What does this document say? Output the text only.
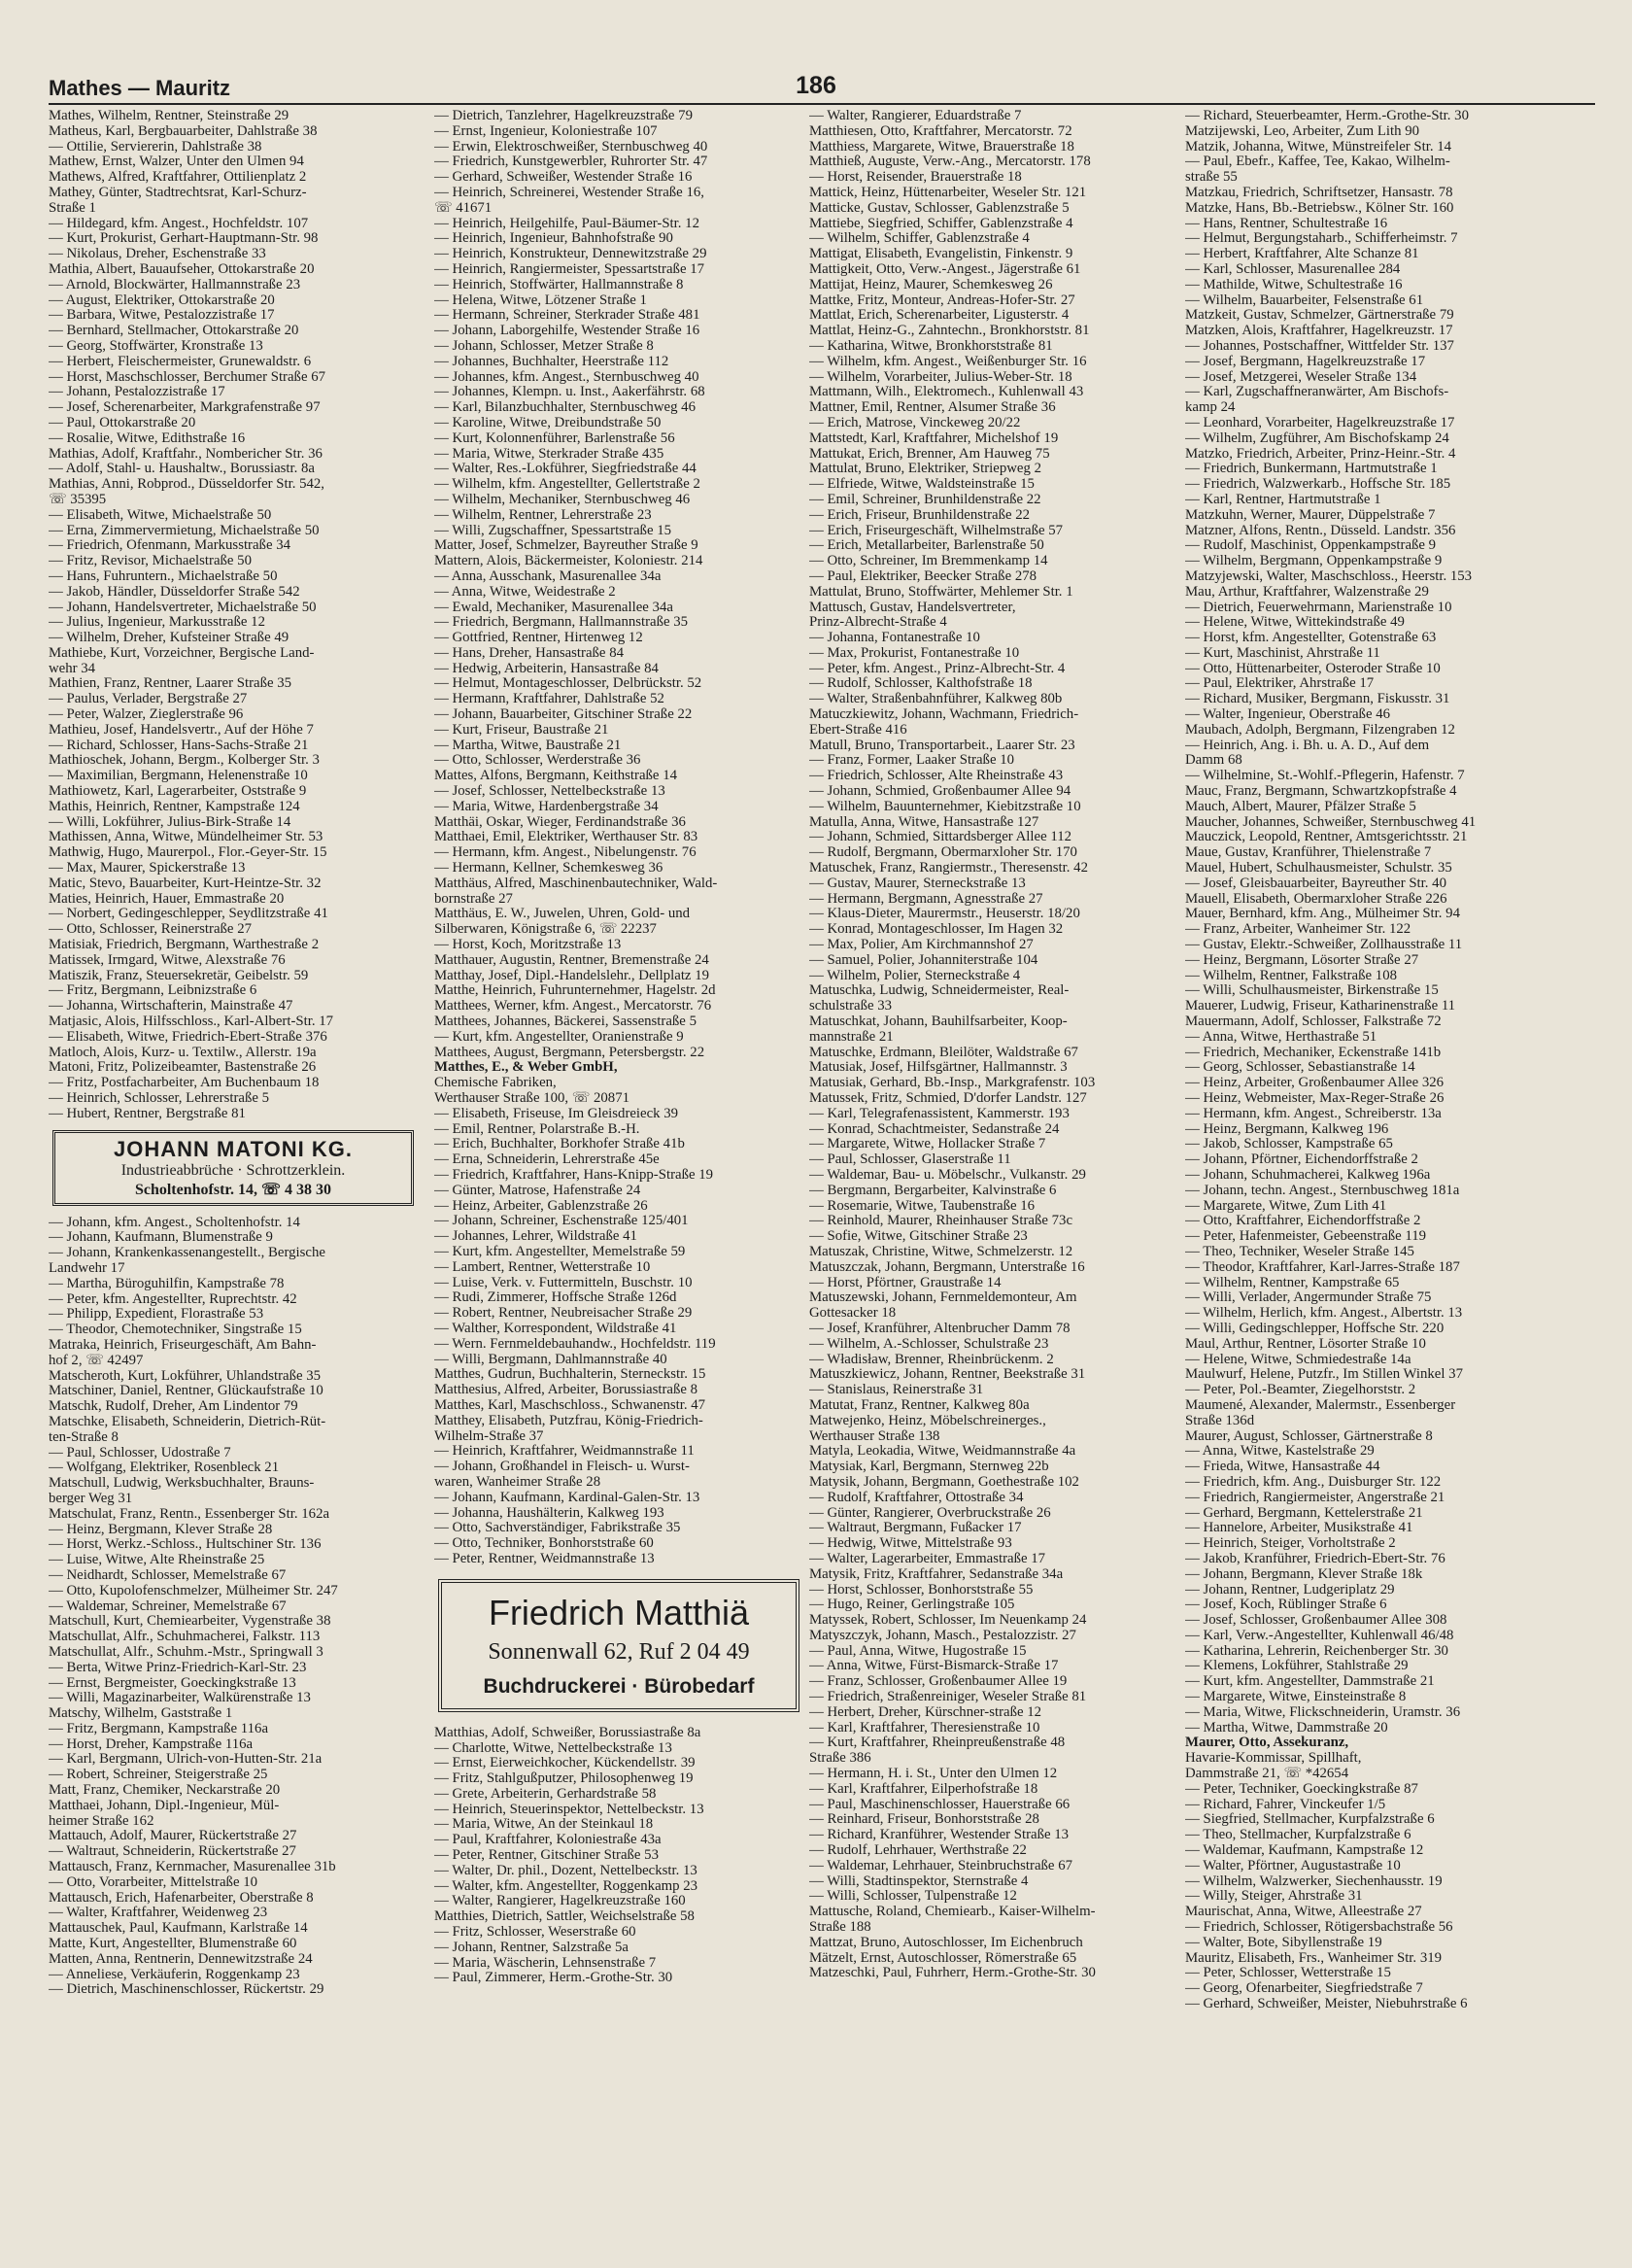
Mathes — Mauritz	186
Mathes, Wilhelm, Rentner, Steinstraße 29
Matheus, Karl, Bergbauarbeiter, Dahlstraße 38
— Ottilie, Serviererin, Dahlstraße 38
Mathew, Ernst, Walzer, Unter den Ulmen 94
Mathews, Alfred, Kraftfahrer, Ottilienplatz 2
Mathey, Günter, Stadtrechtsrat, Karl-Schurz-
Straße 1
— Hildegard, kfm. Angest., Hochfeldstr. 107
— Kurt, Prokurist, Gerhart-Hauptmann-Str. 98
— Nikolaus, Dreher, Eschenstraße 33
Mathia, Albert, Bauaufseher, Ottokarstraße 20
— Arnold, Blockwärter, Hallmannstraße 23
— August, Elektriker, Ottokarstraße 20
— Barbara, Witwe, Pestalozzistraße 17
— Bernhard, Stellmacher, Ottokarstraße 20
— Georg, Stoffwärter, Kronstraße 13
— Herbert, Fleischermeister, Grunewaldstr. 6
— Horst, Maschschlosser, Berchumer Straße 67
— Johann, Pestalozzistraße 17
— Josef, Scherenarbeiter, Markgrafenstraße 97
— Paul, Ottokarstraße 20
— Rosalie, Witwe, Edithstraße 16
Mathias, Adolf, Kraftfahr., Nombericher Str. 36
— Adolf, Stahl- u. Haushaltw., Borussiastr. 8a
Mathias, Anni, Robprod., Düsseldorfer Str. 542,
☏ 35395
— Elisabeth, Witwe, Michaelstraße 50
— Erna, Zimmervermietung, Michaelstraße 50
— Friedrich, Ofenmann, Markusstraße 34
— Fritz, Revisor, Michaelstraße 50
— Hans, Fuhruntern., Michaelstraße 50
— Jakob, Händler, Düsseldorfer Straße 542
— Johann, Handelsvertreter, Michaelstraße 50
— Julius, Ingenieur, Markusstraße 12
— Wilhelm, Dreher, Kufsteiner Straße 49
Mathiebe, Kurt, Vorzeichner, Bergische Land-
wehr 34
Mathien, Franz, Rentner, Laarer Straße 35
— Paulus, Verlader, Bergstraße 27
— Peter, Walzer, Zieglerstraße 96
Mathieu, Josef, Handelsvertr., Auf der Höhe 7
— Richard, Schlosser, Hans-Sachs-Straße 21
Mathioschek, Johann, Bergm., Kolberger Str. 3
— Maximilian, Bergmann, Helenenstraße 10
Mathiowetz, Karl, Lagerarbeiter, Oststraße 9
Mathis, Heinrich, Rentner, Kampstraße 124
— Willi, Lokführer, Julius-Birk-Straße 14
Mathissen, Anna, Witwe, Mündelheimer Str. 53
Mathwig, Hugo, Maurerpol., Flor.-Geyer-Str. 15
— Max, Maurer, Spickerstraße 13
Matic, Stevo, Bauarbeiter, Kurt-Heintze-Str. 32
Maties, Heinrich, Hauer, Emmastraße 20
— Norbert, Gedingeschlepper, Seydlitzstraße 41
— Otto, Schlosser, Reinerstraße 27
Matisiak, Friedrich, Bergmann, Warthestraße 2
Matissek, Irmgard, Witwe, Alexstraße 76
Matiszik, Franz, Steuersekretär, Geibelstr. 59
— Fritz, Bergmann, Leibnizstraße 6
— Johanna, Wirtschafterin, Mainstraße 47
Matjasic, Alois, Hilfsschloss., Karl-Albert-Str. 17
— Elisabeth, Witwe, Friedrich-Ebert-Straße 376
Matloch, Alois, Kurz- u. Textilw., Allerstr. 19a
Matoni, Fritz, Polizeibeamter, Bastenstraße 26
— Fritz, Postfacharbeiter, Am Buchenbaum 18
— Heinrich, Schlosser, Lehrerstraße 5
— Hubert, Rentner, Bergstraße 81
JOHANN MATONI KG.
Industrieabbrüche · Schrottzerklein.
Scholtenhofstr. 14, ☏ 4 38 30
— Johann, kfm. Angest., Scholtenhofstr. 14
— Johann, Kaufmann, Blumenstraße 9
— Johann, Krankenkassenangestellt., Bergische
Landwehr 17
— Martha, Büroguhilfin, Kampstraße 78
— Peter, kfm. Angestellter, Ruprechtstr. 42
— Philipp, Expedient, Florastraße 53
— Theodor, Chemotechniker, Singstraße 15
Matraka, Heinrich, Friseurgeschäft, Am Bahn-
hof 2, ☏ 42497
Matscheroth, Kurt, Lokführer, Uhlandstraße 35
Matschiner, Daniel, Rentner, Glückaufstraße 10
Matschk, Rudolf, Dreher, Am Lindentor 79
Matschke, Elisabeth, Schneiderin, Dietrich-Rüt-
ten-Straße 8
— Paul, Schlosser, Udostraße 7
— Wolfgang, Elektriker, Rosenbleck 21
Matschull, Ludwig, Werksbuchhalter, Brauns-
berger Weg 31
Matschulat, Franz, Rentn., Essenberger Str. 162a
— Heinz, Bergmann, Klever Straße 28
— Horst, Werkz.-Schloss., Hultschiner Str. 136
— Luise, Witwe, Alte Rheinstraße 25
— Neidhardt, Schlosser, Memelstraße 67
— Otto, Kupolofenschmelzer, Mülheimer Str. 247
— Waldemar, Schreiner, Memelstraße 67
Matschull, Kurt, Chemiearbeiter, Vygenstraße 38
Matschullat, Alfr., Schuhmacherei, Falkstr. 113
Matschullat, Alfr., Schuhm.-Mstr., Springwall 3
— Berta, Witwe Prinz-Friedrich-Karl-Str. 23
— Ernst, Bergmeister, Goeckingkstraße 13
— Willi, Magazinarbeiter, Walkürenstraße 13
Matschy, Wilhelm, Gaststraße 1
— Fritz, Bergmann, Kampstraße 116a
— Horst, Dreher, Kampstraße 116a
— Karl, Bergmann, Ulrich-von-Hutten-Str. 21a
— Robert, Schreiner, Steigerstraße 25
Matt, Franz, Chemiker, Neckarstraße 20
Matthaei, Johann, Dipl.-Ingenieur, Mül-
heimer Straße 162
Mattauch, Adolf, Maurer, Rückertstraße 27
— Waltraut, Schneiderin, Rückertstraße 27
Mattausch, Franz, Kernmacher, Masurenallee 31b
— Otto, Vorarbeiter, Mittelstraße 10
Mattausch, Erich, Hafenarbeiter, Oberstraße 8
— Walter, Kraftfahrer, Weidenweg 23
Mattauschek, Paul, Kaufmann, Karlstraße 14
Matte, Kurt, Angestellter, Blumenstraße 60
Matten, Anna, Rentnerin, Dennewitzstraße 24
— Anneliese, Verkäuferin, Roggenkamp 23
— Dietrich, Maschinenschlosser, Rückertstr. 29
— Dietrich, Tanzlehrer, Hagelkreuzstraße 79
— Ernst, Ingenieur, Koloniestraße 107
— Erwin, Elektroschweißer, Sternbuschweg 40
— Friedrich, Kunstgewerbler, Ruhrorter Str. 47
— Gerhard, Schweißer, Westender Straße 16
— Heinrich, Schreinerei, Westender Straße 16,
☏ 41671
— Heinrich, Heilgehilfe, Paul-Bäumer-Str. 12
— Heinrich, Ingenieur, Bahnhofstraße 90
— Heinrich, Konstrukteur, Dennewitzstraße 29
— Heinrich, Rangiermeister, Spessartstraße 17
— Heinrich, Stoffwärter, Hallmannstraße 8
— Helena, Witwe, Lötzener Straße 1
— Hermann, Schreiner, Sterkrader Straße 481
— Johann, Laborgehilfe, Westender Straße 16
— Johann, Schlosser, Metzer Straße 8
— Johannes, Buchhalter, Heerstraße 112
— Johannes, kfm. Angest., Sternbuschweg 40
— Johannes, Klempn. u. Inst., Aakerfährstr. 68
— Karl, Bilanzbuchhalter, Sternbuschweg 46
— Karoline, Witwe, Dreibundstraße 50
— Kurt, Kolonnenführer, Barlenstraße 56
— Maria, Witwe, Sterkrader Straße 435
— Walter, Res.-Lokführer, Siegfriedstraße 44
— Wilhelm, kfm. Angestellter, Gellertstraße 2
— Wilhelm, Mechaniker, Sternbuschweg 46
— Wilhelm, Rentner, Lehrerstraße 23
— Willi, Zugschaffner, Spessartstraße 15
Matter, Josef, Schmelzer, Bayreuther Straße 9
Mattern, Alois, Bäckermeister, Koloniestr. 214
— Anna, Ausschank, Masurenallee 34a
— Anna, Witwe, Weidestraße 2
— Ewald, Mechaniker, Masurenallee 34a
— Friedrich, Bergmann, Hallmannstraße 35
— Gottfried, Rentner, Hirtenweg 12
— Hans, Dreher, Hansastraße 84
— Hedwig, Arbeiterin, Hansastraße 84
— Helmut, Montageschlosser, Delbrückstr. 52
— Hermann, Kraftfahrer, Dahlstraße 52
— Johann, Bauarbeiter, Gitschiner Straße 22
— Kurt, Friseur, Baustraße 21
— Martha, Witwe, Baustraße 21
— Otto, Schlosser, Werderstraße 36
Mattes, Alfons, Bergmann, Keithstraße 14
— Josef, Schlosser, Nettelbeckstraße 13
— Maria, Witwe, Hardenbergstraße 34
Matthäi, Oskar, Wieger, Ferdinandstraße 36
Matthaei, Emil, Elektriker, Werthauser Str. 83
— Hermann, kfm. Angest., Nibelungenstr. 76
— Hermann, Kellner, Schemkesweg 36
Matthäus, Alfred, Maschinenbautechniker, Wald-
bornstraße 27
Matthäus, E. W., Juwelen, Uhren, Gold- und
Silberwaren, Königstraße 6, ☏ 22237
— Horst, Koch, Moritzstraße 13
Matthauer, Augustin, Rentner, Bremenstraße 24
Matthay, Josef, Dipl.-Handelslehr., Dellplatz 19
Matthe, Heinrich, Fuhrunternehmer, Hagelstr. 2d
Matthees, Werner, kfm. Angest., Mercatorstr. 76
Matthees, Johannes, Bäckerei, Sassenstraße 5
— Kurt, kfm. Angestellter, Oranienstraße 9
Matthees, August, Bergmann, Petersbergstr. 22
Matthes, E., & Weber GmbH,
Chemische Fabriken,
Werthauser Straße 100, ☏ 20871
— Elisabeth, Friseuse, Im Gleisdreieck 39
— Emil, Rentner, Polarstraße B.-H.
— Erich, Buchhalter, Borkhofer Straße 41b
— Erna, Schneiderin, Lehrerstraße 45e
— Friedrich, Kraftfahrer, Hans-Knipp-Straße 19
— Günter, Matrose, Hafenstraße 24
— Heinz, Arbeiter, Gablenzstraße 26
— Johann, Schreiner, Eschenstraße 125/401
— Johannes, Lehrer, Wildstraße 41
— Kurt, kfm. Angestellter, Memelstraße 59
— Lambert, Rentner, Wetterstraße 10
— Luise, Verk. v. Futtermitteln, Buschstr. 10
— Rudi, Zimmerer, Hoffsche Straße 126d
— Robert, Rentner, Neubreisacher Straße 29
— Walther, Korrespondent, Wildstraße 41
— Wern. Fernmeldebauhandw., Hochfeldstr. 119
— Willi, Bergmann, Dahlmannstraße 40
Matthes, Gudrun, Buchhalterin, Sterneckstr. 15
Matthesius, Alfred, Arbeiter, Borussiastraße 8
Matthes, Karl, Maschschloss., Schwanenstr. 47
Matthey, Elisabeth, Putzfrau, König-Friedrich-
Wilhelm-Straße 37
— Heinrich, Kraftfahrer, Weidmannstraße 11
— Johann, Großhandel in Fleisch- u. Wurst-
waren, Wanheimer Straße 28
— Johann, Kaufmann, Kardinal-Galen-Str. 13
— Johanna, Haushälterin, Kalkweg 193
— Otto, Sachverständiger, Fabrikstraße 35
— Otto, Techniker, Bonhorststraße 60
— Peter, Rentner, Weidmannstraße 13
Friedrich Matthiä
Sonnenwall 62, Ruf 2 04 49
Buchdruckerei · Bürobedarf
Matthias, Adolf, Schweißer, Borussiastraße 8a
— Charlotte, Witwe, Nettelbeckstraße 13
— Ernst, Eierweichkocher, Kückendellstr. 39
— Fritz, Stahlgußputzer, Philosophenweg 19
— Grete, Arbeiterin, Gerhardstraße 58
— Heinrich, Steuerinspektor, Nettelbeckstr. 13
— Maria, Witwe, An der Steinkaul 18
— Paul, Kraftfahrer, Koloniestraße 43a
— Peter, Rentner, Gitschiner Straße 53
— Walter, Dr. phil., Dozent, Nettelbeckstr. 13
— Walter, kfm. Angestellter, Roggenkamp 23
— Walter, Rangierer, Hagelkreuzstraße 160
Matthies, Dietrich, Sattler, Weichselstraße 58
— Fritz, Schlosser, Weserstraße 60
— Johann, Rentner, Salzstraße 5a
— Maria, Wäscherin, Lehnsenstraße 7
— Paul, Zimmerer, Herm.-Grothe-Str. 30
— Walter, Rangierer, Eduardstraße 7
Matthiesen, Otto, Kraftfahrer, Mercatorstr. 72
Matthiess, Margarete, Witwe, Brauerstraße 18
Matthieß, Auguste, Verw.-Ang., Mercatorstr. 178
— Horst, Reisender, Brauerstraße 18
Mattick, Heinz, Hüttenarbeiter, Weseler Str. 121
Matticke, Gustav, Schlosser, Gablenzstraße 5
Mattiebe, Siegfried, Schiffer, Gablenzstraße 4
— Wilhelm, Schiffer, Gablenzstraße 4
Mattigat, Elisabeth, Evangelistin, Finkenstr. 9
Mattigkeit, Otto, Verw.-Angest., Jägerstraße 61
Mattijat, Heinz, Maurer, Schemkesweg 26
Mattke, Fritz, Monteur, Andreas-Hofer-Str. 27
Mattlat, Erich, Scherenarbeiter, Ligusterstr. 4
Mattlat, Heinz-G., Zahntechn., Bronkhorststr. 81
— Katharina, Witwe, Bronkhorststraße 81
— Wilhelm, kfm. Angest., Weißenburger Str. 16
— Wilhelm, Vorarbeiter, Julius-Weber-Str. 18
Mattmann, Wilh., Elektromech., Kuhlenwall 43
Mattner, Emil, Rentner, Alsumer Straße 36
— Erich, Matrose, Vinckeweg 20/22
Mattstedt, Karl, Kraftfahrer, Michelshof 19
Mattukat, Erich, Brenner, Am Hauweg 75
Mattulat, Bruno, Elektriker, Striepweg 2
— Elfriede, Witwe, Waldsteinstraße 15
— Emil, Schreiner, Brunhildenstraße 22
— Erich, Friseur, Brunhildenstraße 22
— Erich, Friseurgeschäft, Wilhelmstraße 57
— Erich, Metallarbeiter, Barlenstraße 50
— Otto, Schreiner, Im Bremmenkamp 14
— Paul, Elektriker, Beecker Straße 278
Mattulat, Bruno, Stoffwärter, Mehlemer Str. 1
Mattusch, Gustav, Handelsvertreter,
Prinz-Albrecht-Straße 4
— Johanna, Fontanestraße 10
— Max, Prokurist, Fontanestraße 10
— Peter, kfm. Angest., Prinz-Albrecht-Str. 4
— Rudolf, Schlosser, Kalthofstraße 18
— Walter, Straßenbahnführer, Kalkweg 80b
Matuczkiewitz, Johann, Wachmann, Friedrich-
Ebert-Straße 416
Matull, Bruno, Transportarbeit., Laarer Str. 23
— Franz, Former, Laaker Straße 10
— Friedrich, Schlosser, Alte Rheinstraße 43
— Johann, Schmied, Großenbaumer Allee 94
— Wilhelm, Bauunternehmer, Kiebitzstraße 10
Matulla, Anna, Witwe, Hansastraße 127
— Johann, Schmied, Sittardsberger Allee 112
— Rudolf, Bergmann, Obermarxloher Str. 170
Matuschek, Franz, Rangiermstr., Theresenstr. 42
— Gustav, Maurer, Sterneckstraße 13
— Hermann, Bergmann, Agnesstraße 27
— Klaus-Dieter, Maurermstr., Heuserstr. 18/20
— Konrad, Montageschlosser, Im Hagen 32
— Max, Polier, Am Kirchmannshof 27
— Samuel, Polier, Johanniterstraße 104
— Wilhelm, Polier, Sterneckstraße 4
Matuschka, Ludwig, Schneidermeister, Real-
schulstraße 33
Matuschkat, Johann, Bauhilfsarbeiter, Koop-
mannstraße 21
Matuschke, Erdmann, Bleilöter, Waldstraße 67
Matusiak, Josef, Hilfsgärtner, Hallmannstr. 3
Matusiak, Gerhard, Bb.-Insp., Markgrafenstr. 103
Matussek, Fritz, Schmied, D'dorfer Landstr. 127
— Karl, Telegrafenassistent, Kammerstr. 193
— Konrad, Schachtmeister, Sedanstraße 24
— Margarete, Witwe, Hollacker Straße 7
— Paul, Schlosser, Glaserstraße 11
— Waldemar, Bau- u. Möbelschr., Vulkanstr. 29
— Bergmann, Bergarbeiter, Kalvinstraße 6
— Rosemarie, Witwe, Taubenstraße 16
— Reinhold, Maurer, Rheinhauser Straße 73c
— Sofie, Witwe, Gitschiner Straße 23
Matuszak, Christine, Witwe, Schmelzerstr. 12
Matuszczak, Johann, Bergmann, Unterstraße 16
— Horst, Pförtner, Graustraße 14
Matuszewski, Johann, Fernmeldemonteur, Am
Gottesacker 18
— Josef, Kranführer, Altenbrucher Damm 78
— Wilhelm, A.-Schlosser, Schulstraße 23
— Władisław, Brenner, Rheinbrückenm. 2
Matuszkiewicz, Johann, Rentner, Beekstraße 31
— Stanislaus, Reinerstraße 31
Matutat, Franz, Rentner, Kalkweg 80a
Matwejenko, Heinz, Möbelschreinerges.,
Werthauser Straße 138
Matyla, Leokadia, Witwe, Weidmannstraße 4a
Matysiak, Karl, Bergmann, Sternweg 22b
Matysik, Johann, Bergmann, Goethestraße 102
— Rudolf, Kraftfahrer, Ottostraße 34
— Günter, Rangierer, Overbruckstraße 26
— Waltraut, Bergmann, Fußacker 17
— Hedwig, Witwe, Mittelstraße 93
— Walter, Lagerarbeiter, Emmastraße 17
Matysik, Fritz, Kraftfahrer, Sedanstraße 34a
— Horst, Schlosser, Bonhorststraße 55
— Hugo, Reiner, Gerlingstraße 105
Matyssek, Robert, Schlosser, Im Neuenkamp 24
Matyszczyk, Johann, Masch., Pestalozzistr. 27
— Paul, Anna, Witwe, Hugostraße 15
— Anna, Witwe, Fürst-Bismarck-Straße 17
— Franz, Schlosser, Großenbaumer Allee 19
— Friedrich, Straßenreiniger, Weseler Straße 81
— Herbert, Dreher, Kürschner-straße 12
— Karl, Kraftfahrer, Theresienstraße 10
— Kurt, Kraftfahrer, Rheinpreußenstraße 48
Straße 386
— Hermann, H. i. St., Unter den Ulmen 12
— Karl, Kraftfahrer, Eilperhofstraße 18
— Paul, Maschinenschlosser, Hauerstraße 66
— Reinhard, Friseur, Bonhorststraße 28
— Richard, Kranführer, Westender Straße 13
— Rudolf, Lehrhauer, Werthstraße 22
— Waldemar, Lehrhauer, Steinbruchstraße 67
— Willi, Stadtinspektor, Sternstraße 4
— Willi, Schlosser, Tulpenstraße 12
Mattusche, Roland, Chemiearb., Kaiser-Wilhelm-
Straße 188
Mattzat, Bruno, Autoschlosser, Im Eichenbruch
Mätzelt, Ernst, Autoschlosser, Römerstraße 65
Matzeschki, Paul, Fuhrherr, Herm.-Grothe-Str. 30
— Richard, Steuerbeamter, Herm.-Grothe-Str. 30
Matzijewski, Leo, Arbeiter, Zum Lith 90
Matzik, Johanna, Witwe, Münstreifeler Str. 14
— Paul, Ebefr., Kaffee, Tee, Kakao, Wilhelm-
straße 55
Matzkau, Friedrich, Schriftsetzer, Hansastr. 78
Matzke, Hans, Bb.-Betriebsw., Kölner Str. 160
— Hans, Rentner, Schultestraße 16
— Helmut, Bergungstaharb., Schifferheimstr. 7
— Herbert, Kraftfahrer, Alte Schanze 81
— Karl, Schlosser, Masurenallee 284
— Mathilde, Witwe, Schultestraße 16
— Wilhelm, Bauarbeiter, Felsenstraße 61
Matzkeit, Gustav, Schmelzer, Gärtnerstraße 79
Matzken, Alois, Kraftfahrer, Hagelkreuzstr. 17
— Johannes, Postschaffner, Wittfelder Str. 137
— Josef, Bergmann, Hagelkreuzstraße 17
— Josef, Metzgerei, Weseler Straße 134
— Karl, Zugschaffneranwärter, Am Bischofs-
kamp 24
— Leonhard, Vorarbeiter, Hagelkreuzstraße 17
— Wilhelm, Zugführer, Am Bischofskamp 24
Matzko, Friedrich, Arbeiter, Prinz-Heinr.-Str. 4
— Friedrich, Bunkermann, Hartmutstraße 1
— Friedrich, Walzwerkarb., Hoffsche Str. 185
— Karl, Rentner, Hartmutstraße 1
Matzkuhn, Werner, Maurer, Düppelstraße 7
Matzner, Alfons, Rentn., Düsseld. Landstr. 356
— Rudolf, Maschinist, Oppenkampstraße 9
— Wilhelm, Bergmann, Oppenkampstraße 9
Matzyjewski, Walter, Maschschloss., Heerstr. 153
Mau, Arthur, Kraftfahrer, Walzenstraße 29
— Dietrich, Feuerwehrmann, Marienstraße 10
— Helene, Witwe, Wittekindstraße 49
— Horst, kfm. Angestellter, Gotenstraße 63
— Kurt, Maschinist, Ahrstraße 11
— Otto, Hüttenarbeiter, Osteroder Straße 10
— Paul, Elektriker, Ahrstraße 17
— Richard, Musiker, Bergmann, Fiskusstr. 31
— Walter, Ingenieur, Oberstraße 46
Maubach, Adolph, Bergmann, Filzengraben 12
— Heinrich, Ang. i. Bh. u. A. D., Auf dem
Damm 68
— Wilhelmine, St.-Wohlf.-Pflegerin, Hafenstr. 7
Mauc, Franz, Bergmann, Schwartzkopfstraße 4
Mauch, Albert, Maurer, Pfälzer Straße 5
Maucher, Johannes, Schweißer, Sternbuschweg 41
Mauczick, Leopold, Rentner, Amtsgerichtsstr. 21
Maue, Gustav, Kranführer, Thielenstraße 7
Mauel, Hubert, Schulhausmeister, Schulstr. 35
— Josef, Gleisbauarbeiter, Bayreuther Str. 40
Mauell, Elisabeth, Obermarxloher Straße 226
Mauer, Bernhard, kfm. Ang., Mülheimer Str. 94
— Franz, Arbeiter, Wanheimer Str. 122
— Gustav, Elektr.-Schweißer, Zollhausstraße 11
— Heinz, Bergmann, Lösorter Straße 27
— Wilhelm, Rentner, Falkstraße 108
— Willi, Schulhausmeister, Birkenstraße 15
Mauerer, Ludwig, Friseur, Katharinenstraße 11
Mauermann, Adolf, Schlosser, Falkstraße 72
— Anna, Witwe, Herthastraße 51
— Friedrich, Mechaniker, Eckenstraße 141b
— Georg, Schlosser, Sebastianstraße 14
— Heinz, Arbeiter, Großenbaumer Allee 326
— Heinz, Webmeister, Max-Reger-Straße 26
— Hermann, kfm. Angest., Schreiberstr. 13a
— Heinz, Bergmann, Kalkweg 196
— Jakob, Schlosser, Kampstraße 65
— Johann, Pförtner, Eichendorffstraße 2
— Johann, Schuhmacherei, Kalkweg 196a
— Johann, techn. Angest., Sternbuschweg 181a
— Margarete, Witwe, Zum Lith 41
— Otto, Kraftfahrer, Eichendorffstraße 2
— Peter, Hafenmeister, Gebeenstraße 119
— Theo, Techniker, Weseler Straße 145
— Theodor, Kraftfahrer, Karl-Jarres-Straße 187
— Wilhelm, Rentner, Kampstraße 65
— Willi, Verlader, Angermunder Straße 75
— Wilhelm, Herlich, kfm. Angest., Albertstr. 13
— Willi, Gedingschlepper, Hoffsche Str. 220
Maul, Arthur, Rentner, Lösorter Straße 10
— Helene, Witwe, Schmiedestraße 14a
Maulwurf, Helene, Putzfr., Im Stillen Winkel 37
— Peter, Pol.-Beamter, Ziegelhorststr. 2
Maumené, Alexander, Malermstr., Essenberger
Straße 136d
Maurer, August, Schlosser, Gärtnerstraße 8
— Anna, Witwe, Kastelstraße 29
— Frieda, Witwe, Hansastraße 44
— Friedrich, kfm. Ang., Duisburger Str. 122
— Friedrich, Rangiermeister, Angerstraße 21
— Gerhard, Bergmann, Kettelerstraße 21
— Hannelore, Arbeiter, Musikstraße 41
— Heinrich, Steiger, Vorholtstraße 2
— Jakob, Kranführer, Friedrich-Ebert-Str. 76
— Johann, Bergmann, Klever Straße 18k
— Johann, Rentner, Ludgeriplatz 29
— Josef, Koch, Rüblinger Straße 6
— Josef, Schlosser, Großenbaumer Allee 308
— Karl, Verw.-Angestellter, Kuhlenwall 46/48
— Katharina, Lehrerin, Reichenberger Str. 30
— Klemens, Lokführer, Stahlstraße 29
— Kurt, kfm. Angestellter, Dammstraße 21
— Margarete, Witwe, Einsteinstraße 8
— Maria, Witwe, Flickschneiderin, Uramstr. 36
— Martha, Witwe, Dammstraße 20
Maurer, Otto, Assekuranz,
Havarie-Kommissar, Spillhaft,
Dammstraße 21, ☏ *42654
— Peter, Techniker, Goeckingkstraße 87
— Richard, Fahrer, Vinckeufer 1/5
— Siegfried, Stellmacher, Kurpfalzstraße 6
— Theo, Stellmacher, Kurpfalzstraße 6
— Waldemar, Kaufmann, Kampstraße 12
— Walter, Pförtner, Augustastraße 10
— Wilhelm, Walzwerker, Siechenhausstr. 19
— Willy, Steiger, Ahrstraße 31
Maurischat, Anna, Witwe, Alleestraße 27
— Friedrich, Schlosser, Rötigersbachstraße 56
— Walter, Bote, Sibyllenstraße 19
Mauritz, Elisabeth, Frs., Wanheimer Str. 319
— Peter, Schlosser, Wetterstraße 15
— Georg, Ofenarbeiter, Siegfriedstraße 7
— Gerhard, Schweißer, Meister, Niebuhrstraße 6
